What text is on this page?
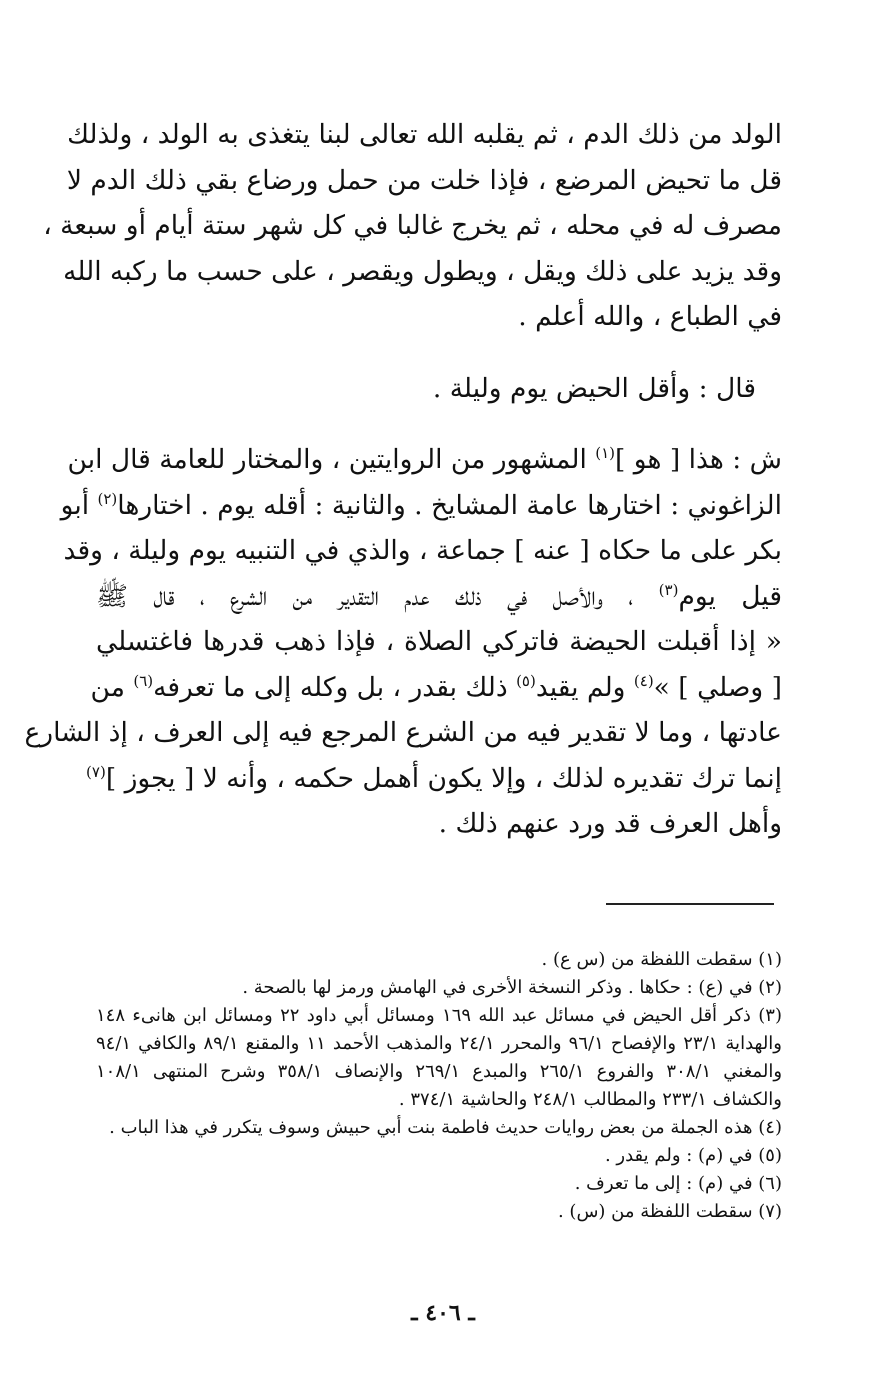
الولد من ذلك الدم ، ثم يقلبه الله تعالى لبنا يتغذى به الولد ، ولذلك
قل ما تحيض المرضع ، فإذا خلت من حمل ورضاع بقي ذلك الدم لا
مصرف له في محله ، ثم يخرج غالبا في كل شهر ستة أيام أو سبعة ،
وقد يزيد على ذلك ويقل ، ويطول ويقصر ، على حسب ما ركبه الله
في الطباع ، والله أعلم .
قال : وأقل الحيض يوم وليلة .
ش : هذا [ هو ]$^{(١)}$ المشهور من الروايتين ، والمختار للعامة قال ابن
الزاغوني : اختارها عامة المشايخ . والثانية : أقله يوم . اختارها$^{(٢)}$ أبو
بكر على ما حكاه [ عنه ] جماعة ، والذي في التنبيه يوم وليلة ، وقد
قيل يوم$^{(٣)}$ ، والأصل في ذلك عدم التقدير من الشرع ، قال ﷺ
« إذا أقبلت الحيضة فاتركي الصلاة ، فإذا ذهب قدرها فاغتسلي
[ وصلي ] »$^{(٤)}$ ولم يقيد$^{(٥)}$ ذلك بقدر ، بل وكله إلى ما تعرفه$^{(٦)}$ من
عادتها ، وما لا تقدير فيه من الشرع المرجع فيه إلى العرف ، إذ الشارع
إنما ترك تقديره لذلك ، وإلا يكون أهمل حكمه ، وأنه لا [ يجوز ]$^{(٧)}$
وأهل العرف قد ورد عنهم ذلك .
(١) سقطت اللفظة من (س ع) .
(٢) في (ع) : حكاها . وذكر النسخة الأخرى في الهامش ورمز لها بالصحة .
(٣) ذكر أقل الحيض في مسائل عبد الله ١٦٩ ومسائل أبي داود ٢٢ ومسائل ابن هانىء ١٤٨
والهداية ٢٣/١ والإفصاح ٩٦/١ والمحرر ٢٤/١ والمذهب الأحمد ١١ والمقنع ٨٩/١ والكافي ٩٤/١
والمغني ٣٠٨/١ والفروع ٢٦٥/١ والمبدع ٢٦٩/١ والإنصاف ٣٥٨/١ وشرح المنتهى ١٠٨/١
والكشاف ٢٣٣/١ والمطالب ٢٤٨/١ والحاشية ٣٧٤/١ .
(٤) هذه الجملة من بعض روايات حديث فاطمة بنت أبي حبيش وسوف يتكرر في هذا الباب .
(٥) في (م) : ولم يقدر .
(٦) في (م) : إلى ما تعرف .
(٧) سقطت اللفظة من (س) .
ـ ٤٠٦ ـ
